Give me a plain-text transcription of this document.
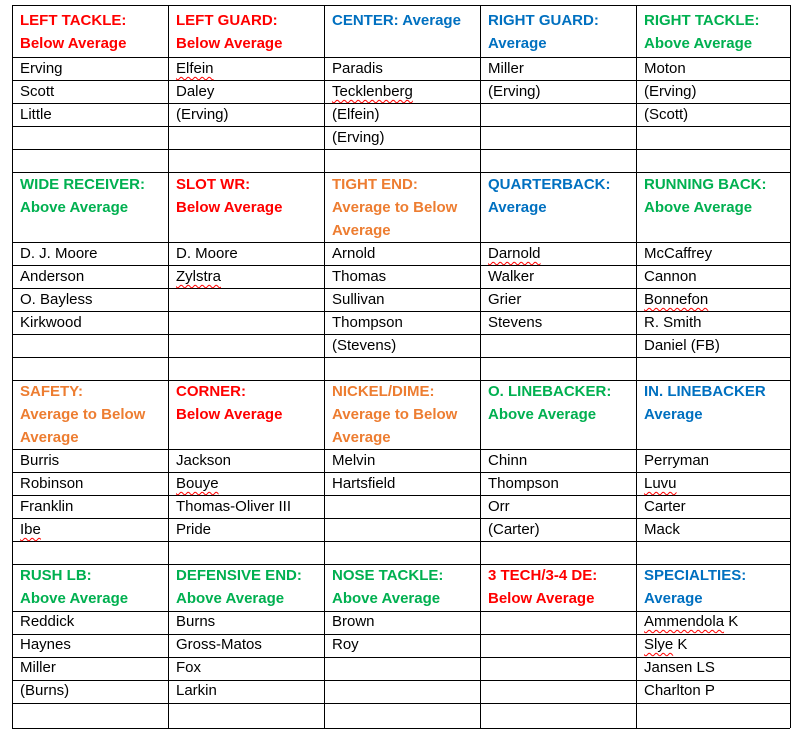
LEFT TACKLE:
Below Average
LEFT GUARD:
Below Average
CENTER: Average	RIGHT GUARD:
Average
RIGHT TACKLE:
Above Average
Erving
Scott
Little
Elfein
Daley
(Erving)
Paradis
Tecklenberg
(Elfein)
(Erving)
Miller
(Erving)
Moton
(Erving)
(Scott)
WIDE RECEIVER:
Above Average
SLOT WR:
Below Average
TIGHT END:
Average to Below Average
QUARTERBACK:
Average
RUNNING BACK:
Above Average
D. J. Moore
Anderson
O. Bayless
Kirkwood
D. Moore
Zylstra
Arnold
Thomas
Sullivan
Thompson
(Stevens)
Darnold
Walker
Grier
Stevens
McCaffrey
Cannon
Bonnefon
R. Smith
Daniel (FB)
SAFETY:
Average to Below Average
CORNER:
Below Average
NICKEL/DIME:
Average to Below Average
O. LINEBACKER:
Above Average
IN. LINEBACKER
Average
Burris
Robinson
Franklin
Ibe
Jackson
Bouye
Thomas-Oliver III
Pride
Melvin
Hartsfield
Chinn
Thompson
Orr
(Carter)
Perryman
Luvu
Carter
Mack
RUSH LB:
Above Average
DEFENSIVE END:
Above Average
NOSE TACKLE:
Above Average
3 TECH/3-4 DE:
Below Average
SPECIALTIES:
Average
Reddick
Haynes
Miller
(Burns)
Burns
Gross-Matos
Fox
Larkin
Brown
Roy
Ammendola K
Slye K
Jansen LS
Charlton P
